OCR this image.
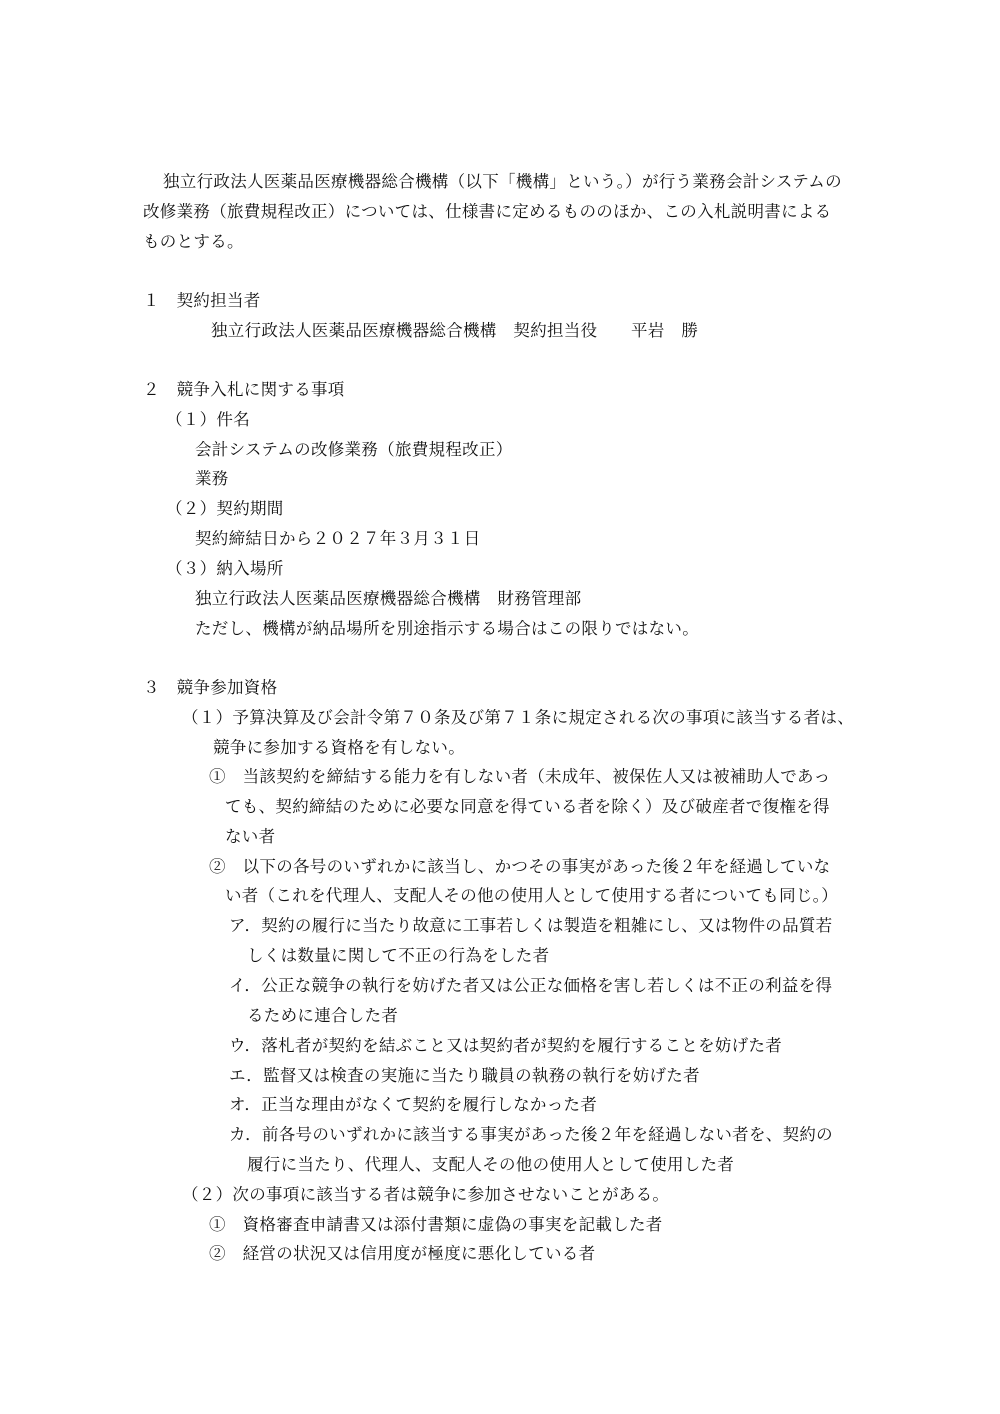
独立行政法人医薬品医療機器総合機構（以下「機構」という。）が行う業務会計システムの
改修業務（旅費規程改正）については、仕様書に定めるもののほか、この入札説明書による
ものとする。
１　契約担当者
独立行政法人医薬品医療機器総合機構　契約担当役　　平岩　勝
２　競争入札に関する事項
（１）件名
会計システムの改修業務（旅費規程改正）
業務
（２）契約期間
契約締結日から２０２７年３月３１日
（３）納入場所
独立行政法人医薬品医療機器総合機構　財務管理部
ただし、機構が納品場所を別途指示する場合はこの限りではない。
３　競争参加資格
（１）予算決算及び会計令第７０条及び第７１条に規定される次の事項に該当する者は、
競争に参加する資格を有しない。
①　当該契約を締結する能力を有しない者（未成年、被保佐人又は被補助人であっ
ても、契約締結のために必要な同意を得ている者を除く）及び破産者で復権を得
ない者
②　以下の各号のいずれかに該当し、かつその事実があった後２年を経過していな
い者（これを代理人、支配人その他の使用人として使用する者についても同じ。）
ア．契約の履行に当たり故意に工事若しくは製造を粗雑にし、又は物件の品質若
しくは数量に関して不正の行為をした者
イ．公正な競争の執行を妨げた者又は公正な価格を害し若しくは不正の利益を得
るために連合した者
ウ．落札者が契約を結ぶこと又は契約者が契約を履行することを妨げた者
エ．監督又は検査の実施に当たり職員の執務の執行を妨げた者
オ．正当な理由がなくて契約を履行しなかった者
カ．前各号のいずれかに該当する事実があった後２年を経過しない者を、契約の
履行に当たり、代理人、支配人その他の使用人として使用した者
（２）次の事項に該当する者は競争に参加させないことがある。
①　資格審査申請書又は添付書類に虚偽の事実を記載した者
②　経営の状況又は信用度が極度に悪化している者
